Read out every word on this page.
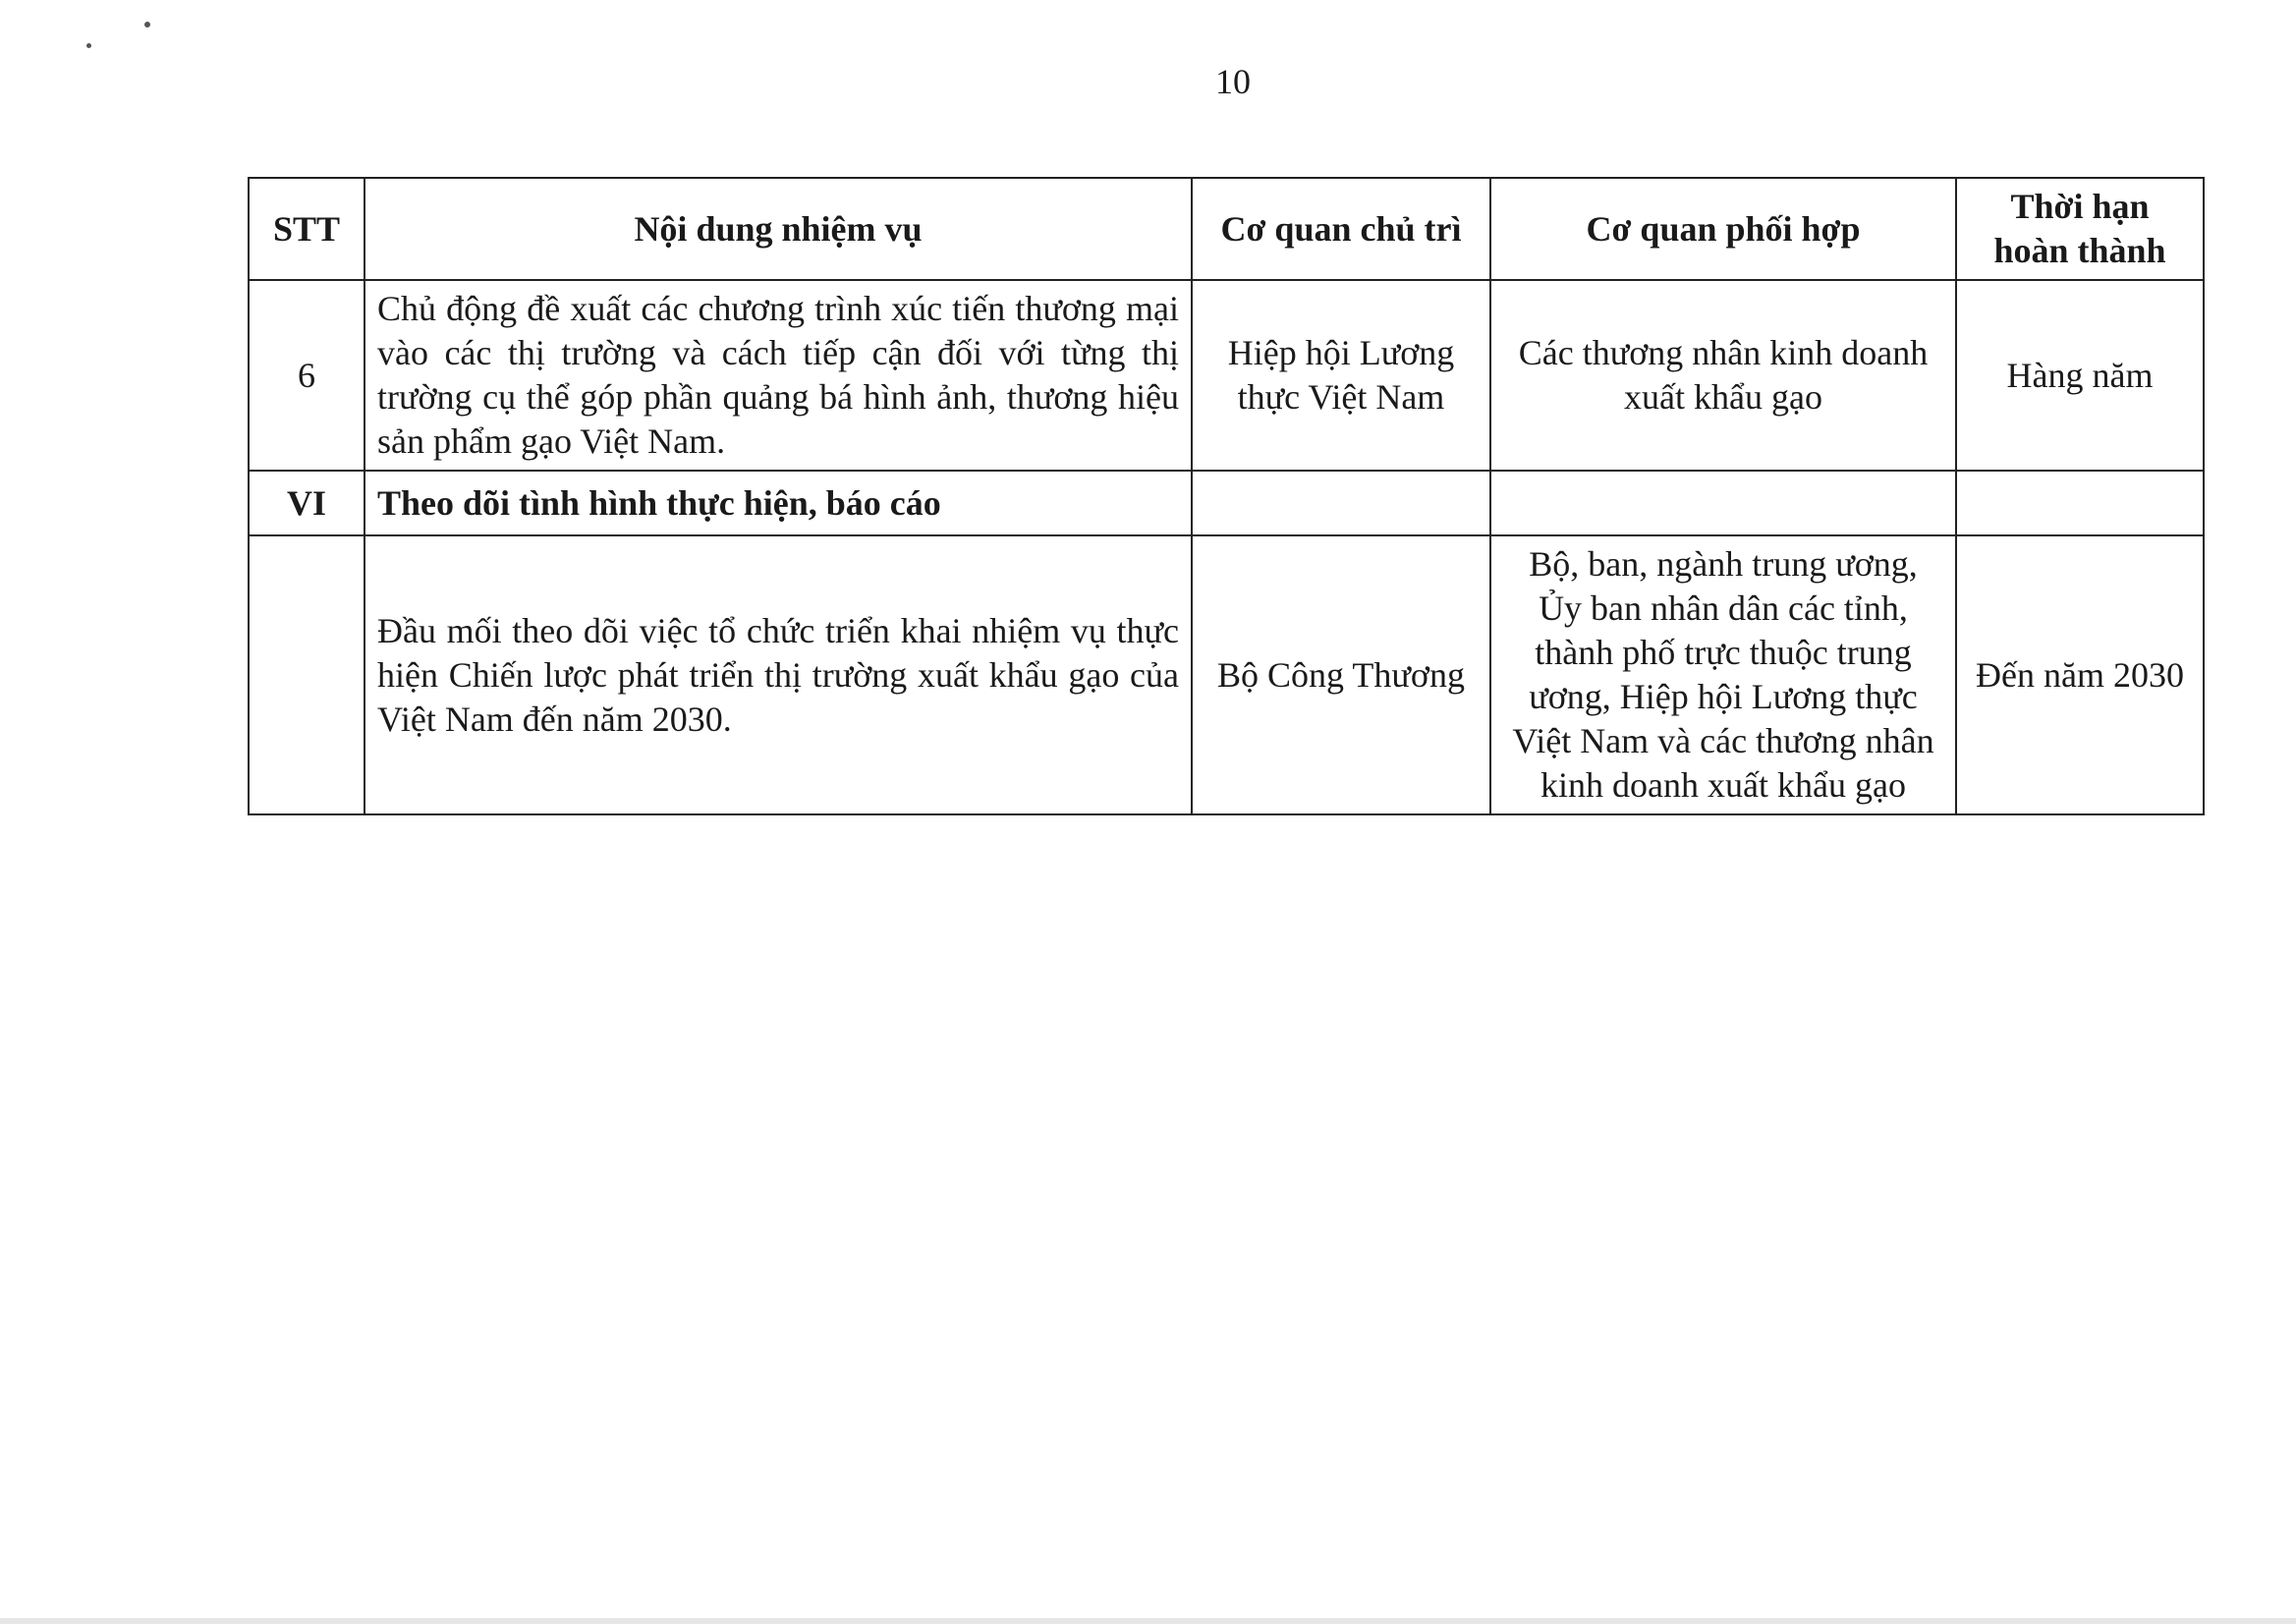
10
STT	Nội dung nhiệm vụ	Cơ quan chủ trì	Cơ quan phối hợp	Thời hạn hoàn thành
6	Chủ động đề xuất các chương trình xúc tiến thương mại vào các thị trường và cách tiếp cận đối với từng thị trường cụ thể góp phần quảng bá hình ảnh, thương hiệu sản phẩm gạo Việt Nam.	Hiệp hội Lương thực Việt Nam	Các thương nhân kinh doanh xuất khẩu gạo	Hàng năm
VI	Theo dõi tình hình thực hiện, báo cáo			
	Đầu mối theo dõi việc tổ chức triển khai nhiệm vụ thực hiện Chiến lược phát triển thị trường xuất khẩu gạo của Việt Nam đến năm 2030.	Bộ Công Thương	Bộ, ban, ngành trung ương, Ủy ban nhân dân các tỉnh, thành phố trực thuộc trung ương, Hiệp hội Lương thực Việt Nam và các thương nhân kinh doanh xuất khẩu gạo	Đến năm 2030
